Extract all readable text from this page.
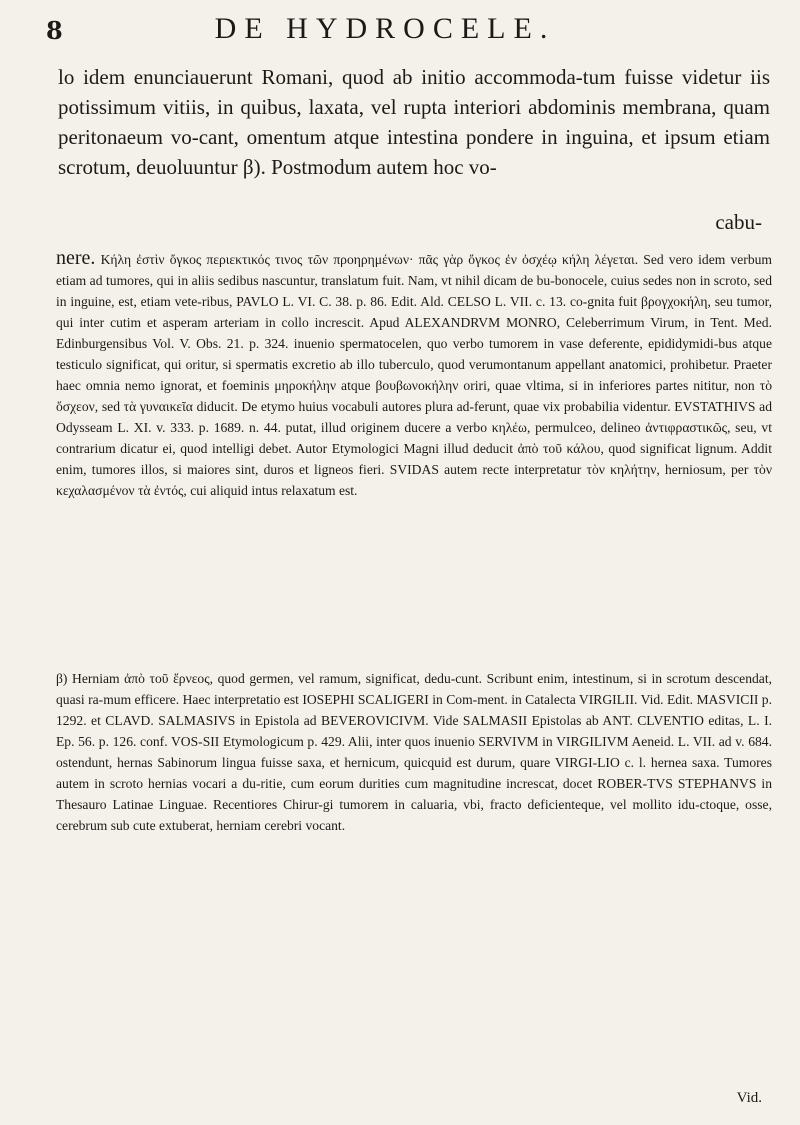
8	DE HYDROCELE.

lo idem enunciauerunt Romani, quod ab initio accommoda-tum fuisse videtur iis potissimum vitiis, in quibus, laxata, vel rupta interiori abdominis membrana, quam peritonaeum vo-cant, omentum atque intestina pondere in inguina, et ipsum etiam scrotum, deuoluuntur β). Postmodum autem hoc vo-

cabu-

nere. Κήλη ἐστὶν ὄγκος περιεκτικός τινος τῶν προηρημένων· πᾶς γὰρ ὄγκος ἐν ὀσχέῳ κήλη λέγεται. Sed vero idem verbum etiam ad tumores, qui in aliis sedibus nascuntur, translatum fuit. Nam, vt nihil dicam de bu-bonocele, cuius sedes non in scroto, sed in inguine, est, etiam vete-ribus, PAVLO L. VI. C. 38. p. 86. Edit. Ald. CELSO L. VII. c. 13. co-gnita fuit βρογχοκήλη, seu tumor, qui inter cutim et asperam arteriam in collo increscit. Apud ALEXANDRVM MONRO, Celeberrimum Virum, in Tent. Med. Edinburgensibus Vol. V. Obs. 21. p. 324. inuenio spermatocelen, quo verbo tumorem in vase deferente, epididymidi-bus atque testiculo significat, qui oritur, si spermatis excretio ab illo tuberculo, quod verumontanum appellant anatomici, prohibetur. Praeter haec omnia nemo ignorat, et foeminis μηροκήλην atque βουβωνοκήλην oriri, quae vltima, si in inferiores partes nititur, non τὸ ὄσχεον, sed τὰ γυναικεῖα diducit. De etymo huius vocabuli autores plura ad-ferunt, quae vix probabilia videntur. EVSTATHIVS ad Odysseam L. XI. v. 333. p. 1689. n. 44. putat, illud originem ducere a verbo κηλέω, permulceo, delineo ἀντιφραστικῶς, seu, vt contrarium dicatur ei, quod intelligi debet. Autor Etymologici Magni illud deducit ἀπὸ τοῦ κάλου, quod significat lignum. Addit enim, tumores illos, si maiores sint, duros et ligneos fieri. SVIDAS autem recte interpretatur τὸν κηλήτην, herniosum, per τὸν κεχαλασμένον τὰ ἐντός, cui aliquid intus relaxatum est.

β) Herniam ἀπὸ τοῦ ἔρνεος, quod germen, vel ramum, significat, dedu-cunt. Scribunt enim, intestinum, si in scrotum descendat, quasi ra-mum efficere. Haec interpretatio est IOSEPHI SCALIGERI in Com-ment. in Catalecta VIRGILII. Vid. Edit. MASVICII p. 1292. et CLAVD. SALMASIVS in Epistola ad BEVEROVICIVM. Vide SALMASII Epistolas ab ANT. CLVENTIO editas, L. I. Ep. 56. p. 126. conf. VOS-SII Etymologicum p. 429. Alii, inter quos inuenio SERVIVM in VIRGILIVM Aeneid. L. VII. ad v. 684. ostendunt, hernas Sabinorum lingua fuisse saxa, et hernicum, quicquid est durum, quare VIRGI-LIO c. l. hernea saxa. Tumores autem in scroto hernias vocari a du-ritie, cum eorum durities cum magnitudine increscat, docet ROBER-TVS STEPHANVS in Thesauro Latinae Linguae. Recentiores Chirur-gi tumorem in caluaria, vbi, fracto deficienteque, vel mollito idu-ctoque, osse, cerebrum sub cute extuberat, herniam cerebri vocant.

Vid.
